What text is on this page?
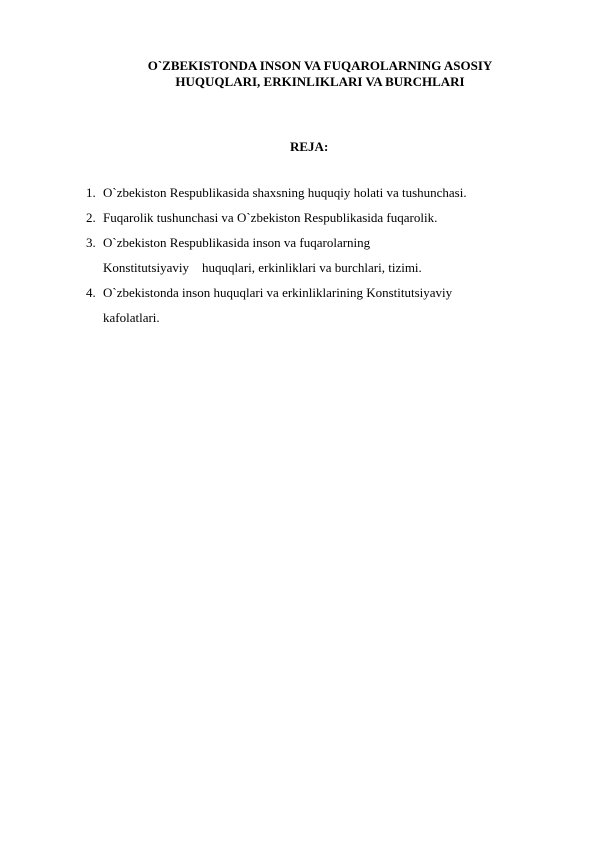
O`ZBEKISTONDA INSON VA FUQAROLARNING ASOSIY
HUQUQLARI, ERKINLIKLARI VA BURCHLARI
REJA:
1. O`zbekiston Respublikasida shaxsning huquqiy holati va tushunchasi.
2. Fuqarolik tushunchasi va O`zbekiston Respublikasida fuqarolik.
3. O`zbekiston Respublikasida inson va fuqarolarning
Konstitutsiyaviy    huquqlari, erkinliklari va burchlari, tizimi.
4. O`zbekistonda inson huquqlari va erkinliklarining Konstitutsiyaviy
kafolatlari.
